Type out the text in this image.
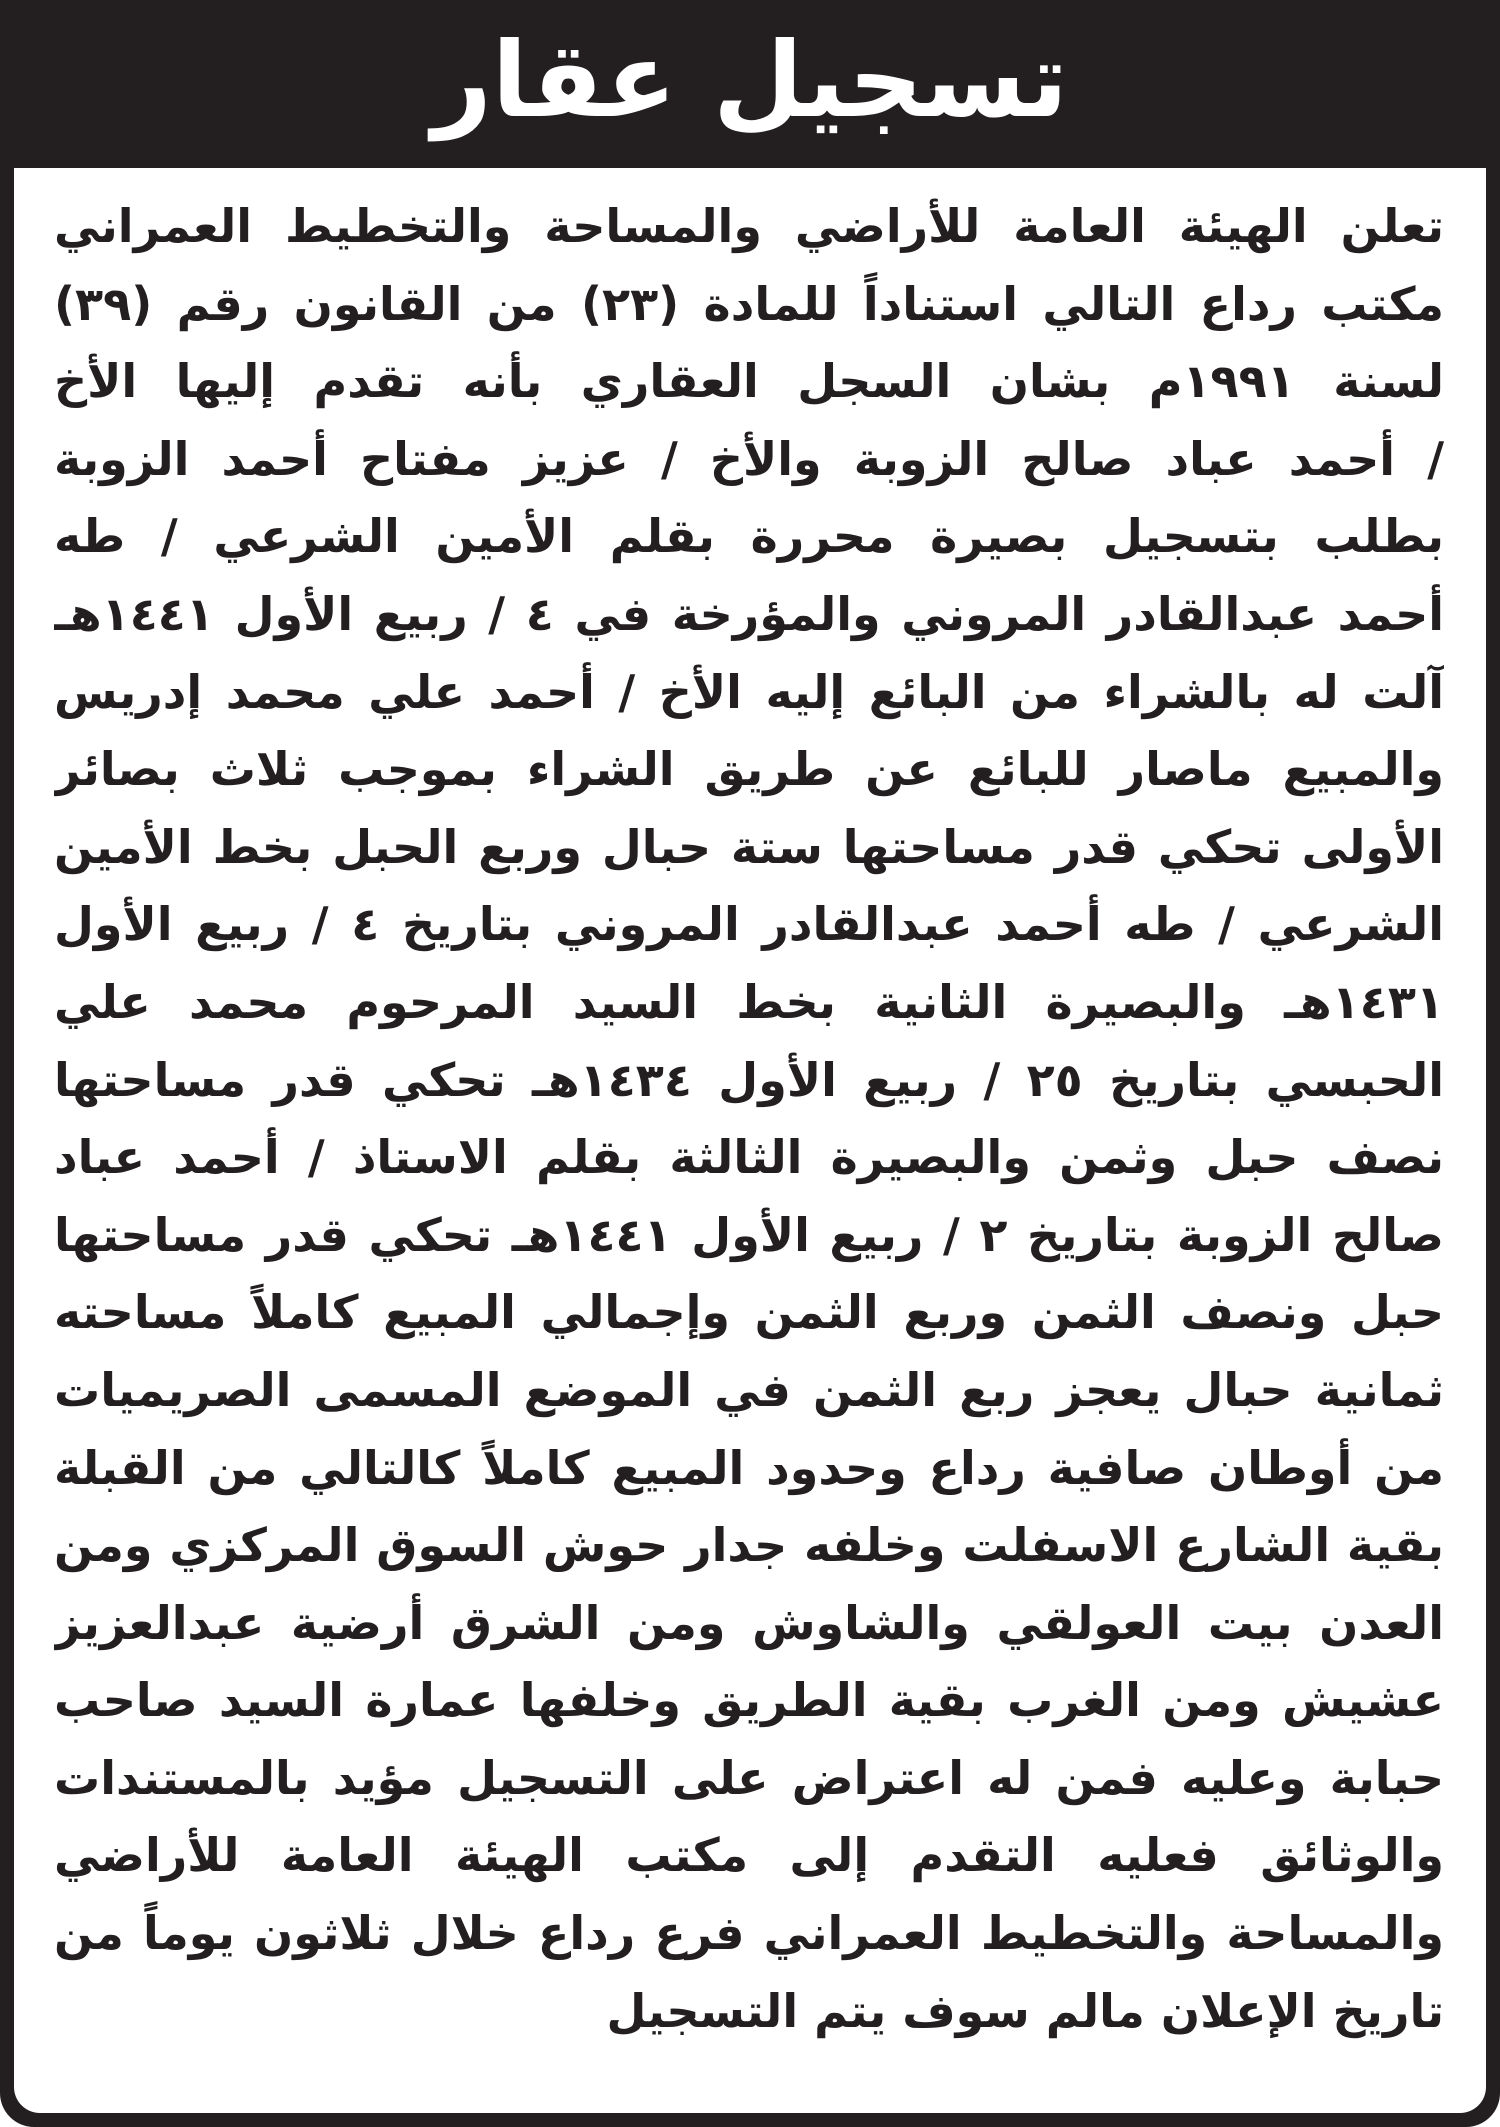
تسجيل عقار
تعلن الهيئة العامة للأراضي والمساحة والتخطيط العمراني
مكتب رداع التالي استناداً للمادة (٢٣) من القانون رقم (٣٩)
لسنة ١٩٩١م بشان السجل العقاري بأنه تقدم إليها الأخ
/ أحمد عباد صالح الزوبة والأخ / عزيز مفتاح أحمد الزوبة
بطلب بتسجيل بصيرة محررة بقلم الأمين الشرعي / طه
أحمد عبدالقادر المروني والمؤرخة في ٤ / ربيع الأول ١٤٤١هـ
آلت له بالشراء من البائع إليه الأخ / أحمد علي محمد إدريس
والمبيع ماصار للبائع عن طريق الشراء بموجب ثلاث بصائر
الأولى تحكي قدر مساحتها ستة حبال وربع الحبل بخط الأمين
الشرعي / طه أحمد عبدالقادر المروني بتاريخ ٤ / ربيع الأول
١٤٣١هـ والبصيرة الثانية بخط السيد المرحوم محمد علي
الحبسي بتاريخ ٢٥ / ربيع الأول ١٤٣٤هـ تحكي قدر مساحتها
نصف حبل وثمن والبصيرة الثالثة بقلم الاستاذ / أحمد عباد
صالح الزوبة بتاريخ ٢ / ربيع الأول ١٤٤١هـ تحكي قدر مساحتها
حبل ونصف الثمن وربع الثمن وإجمالي المبيع كاملاً مساحته
ثمانية حبال يعجز ربع الثمن في الموضع المسمى الصريميات
من أوطان صافية رداع وحدود المبيع كاملاً كالتالي من القبلة
بقية الشارع الاسفلت وخلفه جدار حوش السوق المركزي ومن
العدن بيت العولقي والشاوش ومن الشرق أرضية عبدالعزيز
عشيش ومن الغرب بقية الطريق وخلفها عمارة السيد صاحب
حبابة وعليه فمن له اعتراض على التسجيل مؤيد بالمستندات
والوثائق فعليه التقدم إلى مكتب الهيئة العامة للأراضي
والمساحة والتخطيط العمراني فرع رداع خلال ثلاثون يوماً من
تاريخ الإعلان مالم سوف يتم التسجيل
